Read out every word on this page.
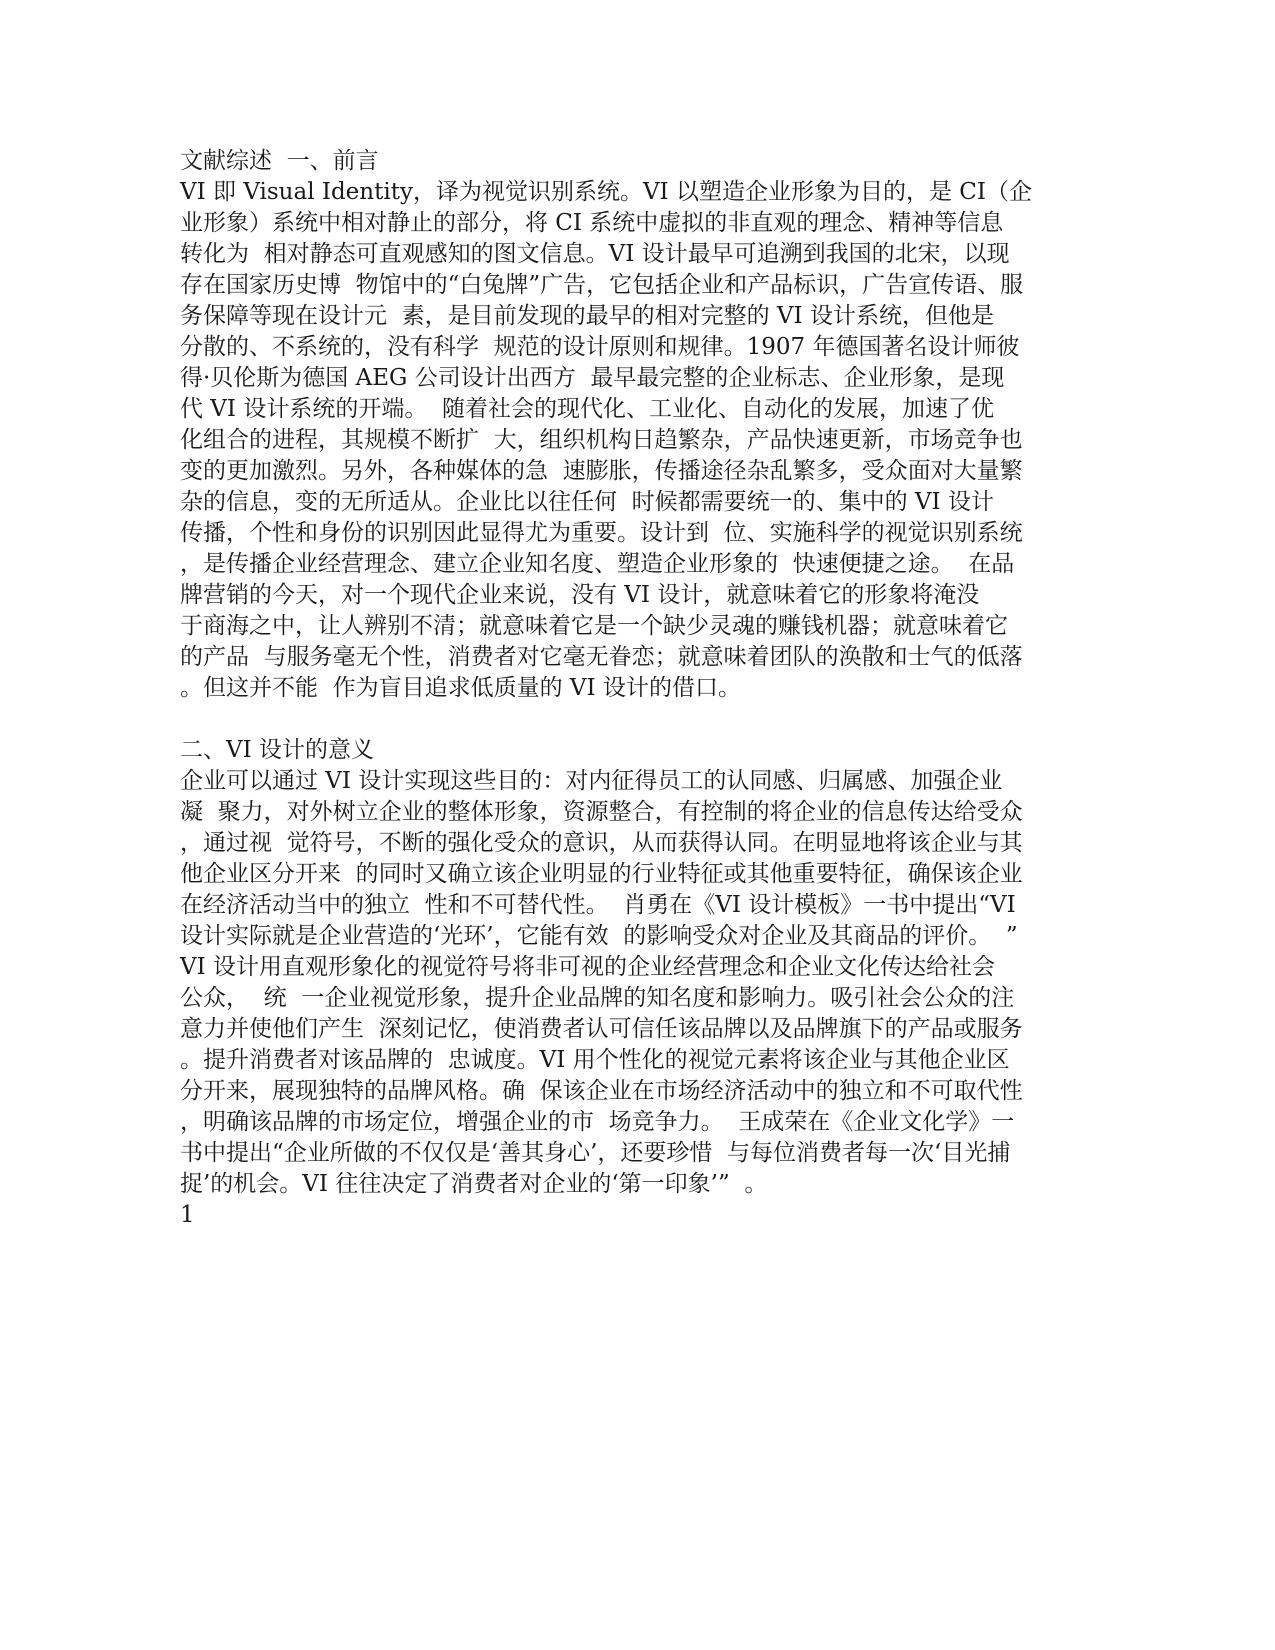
文献综述  一、前言
VI 即 Visual Identity，译为视觉识别系统。VI 以塑造企业形象为目的，是 CI（企
业形象）系统中相对静止的部分，将 CI 系统中虚拟的非直观的理念、精神等信息
转化为  相对静态可直观感知的图文信息。VI 设计最早可追溯到我国的北宋，以现
存在国家历史博  物馆中的“白兔牌”广告，它包括企业和产品标识，广告宣传语、服
务保障等现在设计元  素，是目前发现的最早的相对完整的 VI 设计系统，但他是
分散的、不系统的，没有科学  规范的设计原则和规律。1907 年德国著名设计师彼
得·贝伦斯为德国 AEG 公司设计出西方  最早最完整的企业标志、企业形象，是现
代 VI 设计系统的开端。  随着社会的现代化、工业化、自动化的发展，加速了优
化组合的进程，其规模不断扩  大，组织机构日趋繁杂，产品快速更新，市场竞争也
变的更加激烈。另外，各种媒体的急  速膨胀，传播途径杂乱繁多，受众面对大量繁
杂的信息，变的无所适从。企业比以往任何  时候都需要统一的、集中的 VI 设计
传播，个性和身份的识别因此显得尤为重要。设计到  位、实施科学的视觉识别系统
，是传播企业经营理念、建立企业知名度、塑造企业形象的  快速便捷之途。  在品
牌营销的今天，对一个现代企业来说，没有 VI 设计，就意味着它的形象将淹没
于商海之中，让人辨别不清；就意味着它是一个缺少灵魂的赚钱机器；就意味着它
的产品  与服务毫无个性，消费者对它毫无眷恋；就意味着团队的涣散和士气的低落
。但这并不能  作为盲目追求低质量的 VI 设计的借口。
二、VI 设计的意义
企业可以通过 VI 设计实现这些目的：对内征得员工的认同感、归属感、加强企业
凝  聚力，对外树立企业的整体形象，资源整合，有控制的将企业的信息传达给受众
，通过视  觉符号，不断的强化受众的意识，从而获得认同。在明显地将该企业与其
他企业区分开来  的同时又确立该企业明显的行业特征或其他重要特征，确保该企业
在经济活动当中的独立  性和不可替代性。  肖勇在《VI 设计模板》一书中提出“VI
设计实际就是企业营造的‘光环’，它能有效  的影响受众对企业及其商品的评价。  ”
VI 设计用直观形象化的视觉符号将非可视的企业经营理念和企业文化传达给社会
公众，  统  一企业视觉形象，提升企业品牌的知名度和影响力。吸引社会公众的注
意力并使他们产生  深刻记忆，使消费者认可信任该品牌以及品牌旗下的产品或服务
。提升消费者对该品牌的  忠诚度。VI 用个性化的视觉元素将该企业与其他企业区
分开来，展现独特的品牌风格。确  保该企业在市场经济活动中的独立和不可取代性
，明确该品牌的市场定位，增强企业的市  场竞争力。  王成荣在《企业文化学》一
书中提出“企业所做的不仅仅是‘善其身心’，还要珍惜  与每位消费者每一次‘目光捕
捉’的机会。VI 往往决定了消费者对企业的‘第一印象’”  。
1
